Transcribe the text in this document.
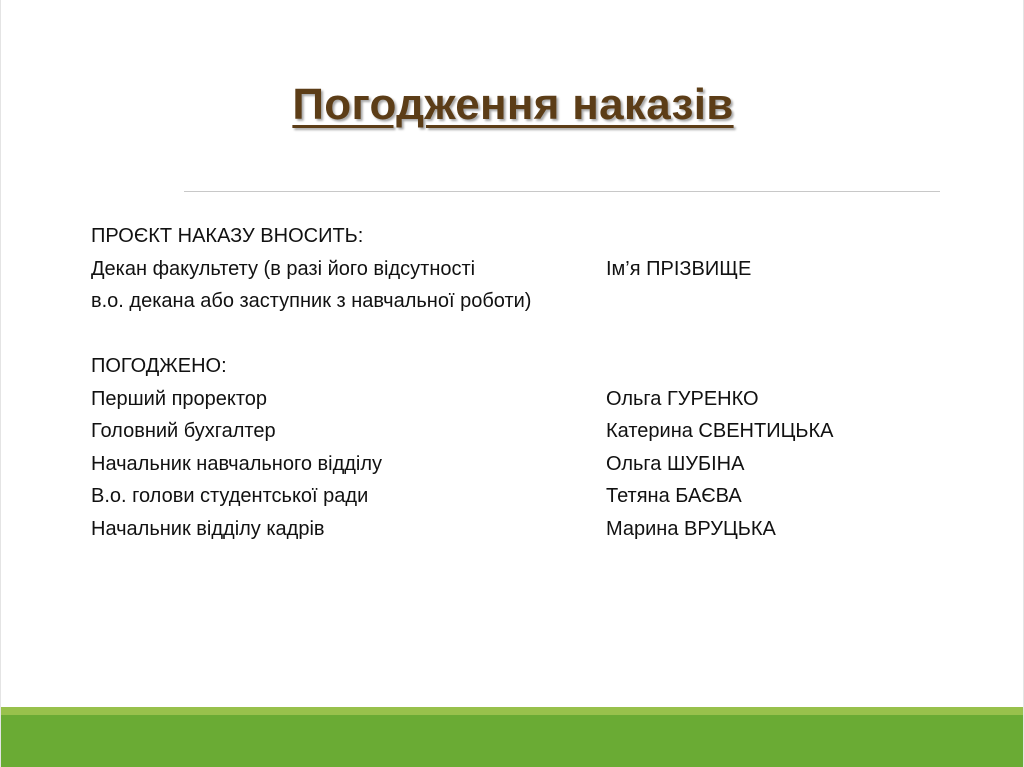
Погодження наказів
ПРОЄКТ НАКАЗУ ВНОСИТЬ:
Декан факультету (в разі його відсутності	Ім’я ПРІЗВИЩЕ
в.о. декана або заступник з навчальної роботи)
ПОГОДЖЕНО:
Перший проректор	Ольга ГУРЕНКО
Головний бухгалтер	Катерина СВЕНТИЦЬКА
Начальник навчального відділу	Ольга ШУБІНА
В.о. голови студентської ради	Тетяна БАЄВА
Начальник відділу кадрів	Марина ВРУЦЬКА
